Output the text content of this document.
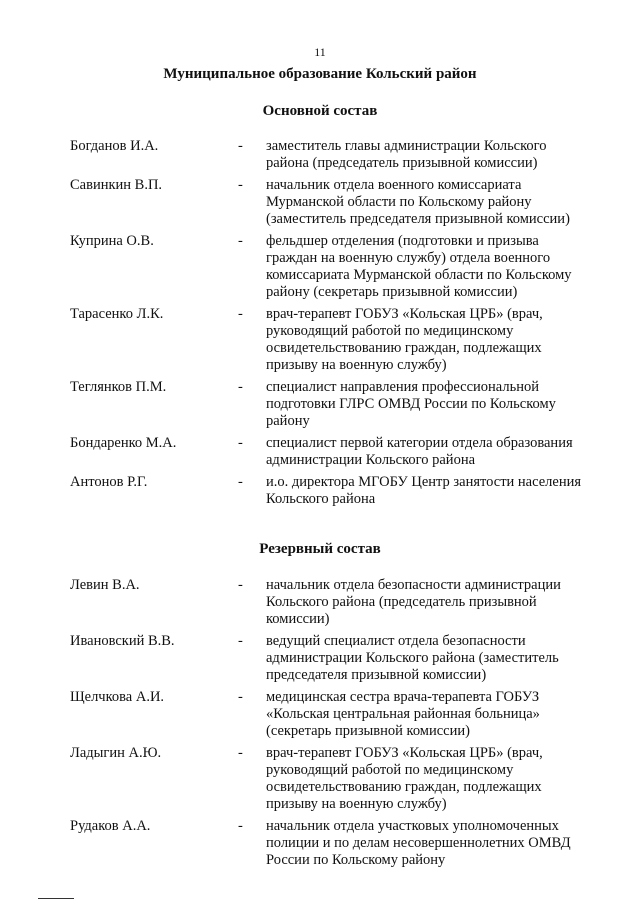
11
Муниципальное образование Кольский район
Основной состав
Богданов И.А.	-	заместитель главы администрации Кольского района (председатель призывной комиссии)
Савинкин В.П.	-	начальник отдела военного комиссариата Мурманской области по Кольскому району (заместитель председателя призывной комиссии)
Куприна О.В.	-	фельдшер отделения (подготовки и призыва граждан на военную службу) отдела военного комиссариата Мурманской области по Кольскому району (секретарь призывной комиссии)
Тарасенко Л.К.	-	врач-терапевт ГОБУЗ «Кольская ЦРБ» (врач, руководящий работой по медицинскому освидетельствованию граждан, подлежащих призыву на военную службу)
Теглянков П.М.	-	специалист направления профессиональной подготовки ГЛРС ОМВД России по Кольскому району
Бондаренко М.А.	-	специалист первой категории отдела образования администрации Кольского района
Антонов Р.Г.	-	и.о. директора МГОБУ Центр занятости населения Кольского района
Резервный состав
Левин В.А.	-	начальник отдела безопасности администрации Кольского района (председатель призывной комиссии)
Ивановский В.В.	-	ведущий специалист отдела безопасности администрации Кольского района (заместитель председателя призывной комиссии)
Щелчкова А.И.	-	медицинская сестра врача-терапевта ГОБУЗ «Кольская центральная районная больница» (секретарь призывной комиссии)
Ладыгин А.Ю.	-	врач-терапевт ГОБУЗ «Кольская ЦРБ» (врач, руководящий работой по медицинскому освидетельствованию граждан, подлежащих призыву на военную службу)
Рудаков А.А.	-	начальник отдела участковых уполномоченных полиции и по делам несовершеннолетних ОМВД России по Кольскому району
